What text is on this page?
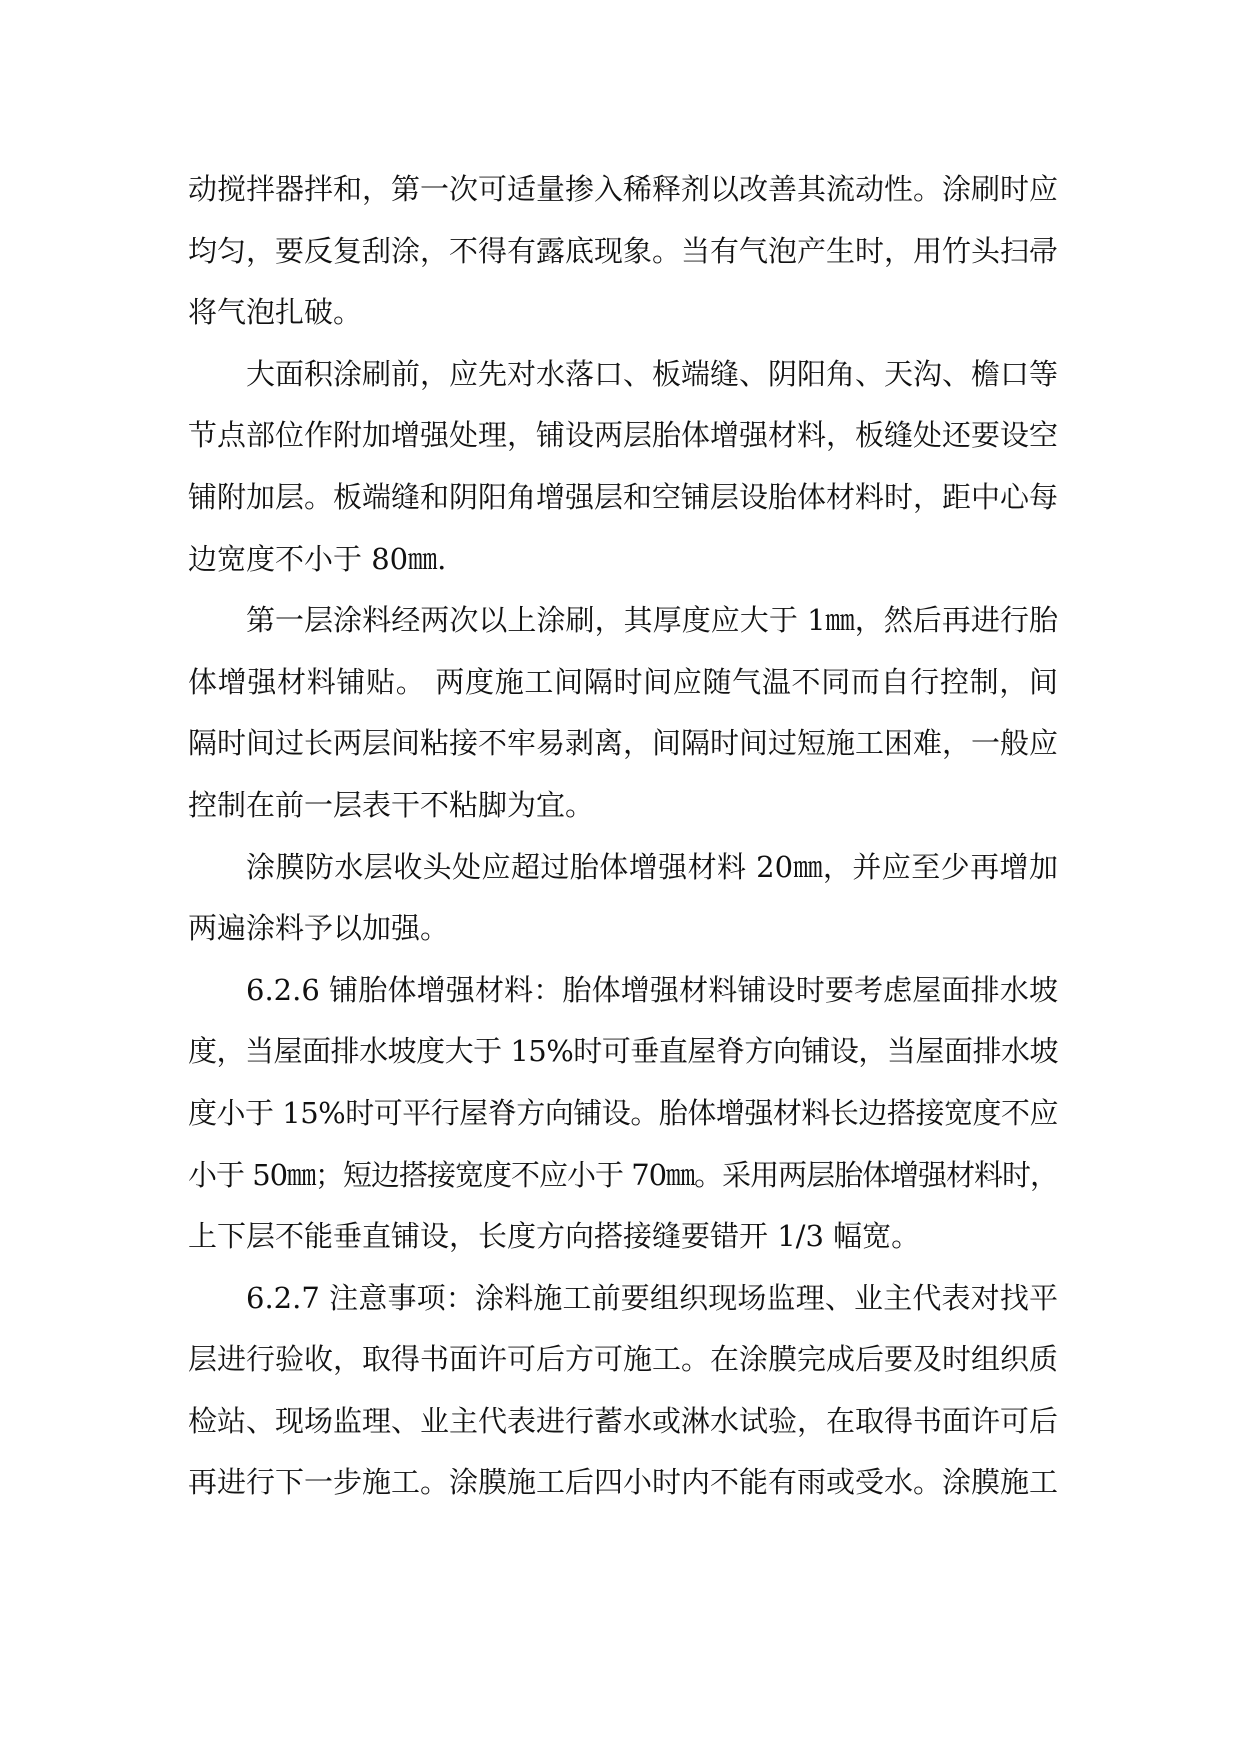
动搅拌器拌和，第一次可适量掺入稀释剂以改善其流动性。涂刷时应
均匀，要反复刮涂，不得有露底现象。当有气泡产生时，用竹头扫帚
将气泡扎破。

大面积涂刷前，应先对水落口、板端缝、阴阳角、天沟、檐口等
节点部位作附加增强处理，铺设两层胎体增强材料，板缝处还要设空
铺附加层。板端缝和阴阳角增强层和空铺层设胎体材料时，距中心每
边宽度不小于 80㎜.

第一层涂料经两次以上涂刷，其厚度应大于 1㎜，然后再进行胎
体增强材料铺贴。 两度施工间隔时间应随气温不同而自行控制，间
隔时间过长两层间粘接不牢易剥离，间隔时间过短施工困难，一般应
控制在前一层表干不粘脚为宜。

涂膜防水层收头处应超过胎体增强材料 20㎜，并应至少再增加
两遍涂料予以加强。

6.2.6 铺胎体增强材料：胎体增强材料铺设时要考虑屋面排水坡
度，当屋面排水坡度大于 15%时可垂直屋脊方向铺设，当屋面排水坡
度小于 15%时可平行屋脊方向铺设。胎体增强材料长边搭接宽度不应
小于 50㎜；短边搭接宽度不应小于 70㎜。采用两层胎体增强材料时，
上下层不能垂直铺设，长度方向搭接缝要错开 1/3 幅宽。

6.2.7 注意事项：涂料施工前要组织现场监理、业主代表对找平
层进行验收，取得书面许可后方可施工。在涂膜完成后要及时组织质
检站、现场监理、业主代表进行蓄水或淋水试验，在取得书面许可后
再进行下一步施工。涂膜施工后四小时内不能有雨或受水。涂膜施工
